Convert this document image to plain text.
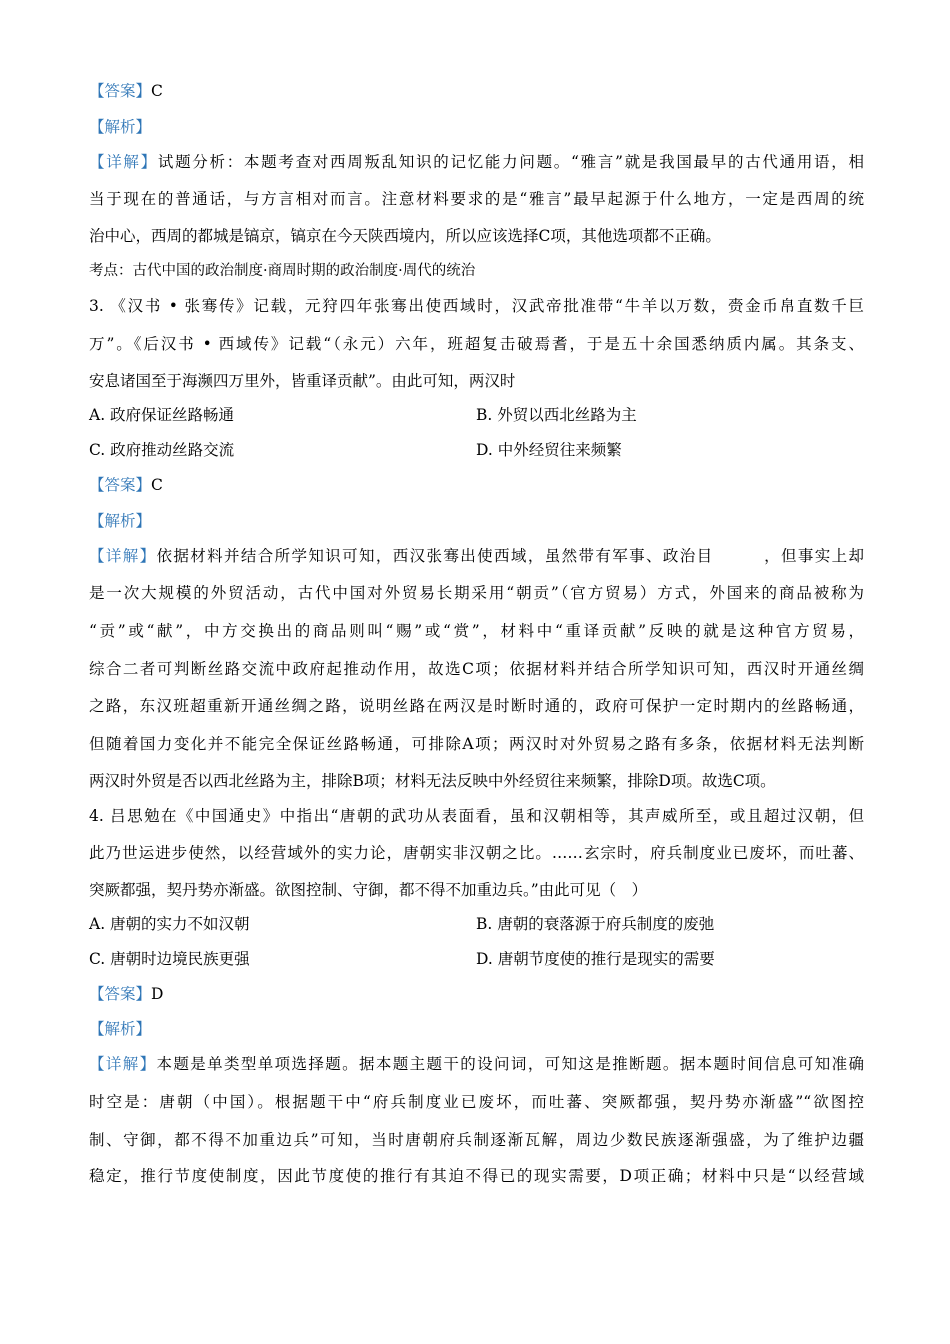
【答案】C
【解析】
【详解】试题分析：本题考查对西周叛乱知识的记忆能力问题。“雅言”就是我国最早的古代通用语，相
当于现在的普通话，与方言相对而言。注意材料要求的是“雅言”最早起源于什么地方，一定是西周的统
治中心，西周的都城是镐京，镐京在今天陕西境内，所以应该选择C项，其他选项都不正确。
考点：古代中国的政治制度·商周时期的政治制度·周代的统治
3. 《汉书 • 张骞传》记载，元狩四年张骞出使西域时，汉武帝批准带“牛羊以万数，赍金币帛直数千巨
万”。《后汉书 • 西域传》记载“（永元）六年，班超复击破焉耆，于是五十余国悉纳质内属。其条支、
安息诸国至于海濒四万里外，皆重译贡献”。由此可知，两汉时
A. 政府保证丝路畅通	B. 外贸以西北丝路为主
C. 政府推动丝路交流	D. 中外经贸往来频繁
【答案】C
【解析】
【详解】依据材料并结合所学知识可知，西汉张骞出使西域，虽然带有军事、政治目　　　，但事实上却
是一次大规模的外贸活动，古代中国对外贸易长期采用“朝贡”（官方贸易）方式，外国来的商品被称为
“贡”或“献”，中方交换出的商品则叫“赐”或“赏”，材料中“重译贡献”反映的就是这种官方贸易，
综合二者可判断丝路交流中政府起推动作用，故选C项；依据材料并结合所学知识可知，西汉时开通丝绸
之路，东汉班超重新开通丝绸之路，说明丝路在两汉是时断时通的，政府可保护一定时期内的丝路畅通，
但随着国力变化并不能完全保证丝路畅通，可排除A项；两汉时对外贸易之路有多条，依据材料无法判断
两汉时外贸是否以西北丝路为主，排除B项；材料无法反映中外经贸往来频繁，排除D项。故选C项。
4. 吕思勉在《中国通史》中指出“唐朝的武功从表面看，虽和汉朝相等，其声威所至，或且超过汉朝，但
此乃世运进步使然，以经营域外的实力论，唐朝实非汉朝之比。……玄宗时，府兵制度业已废坏，而吐蕃、
突厥都强，契丹势亦渐盛。欲图控制、守御，都不得不加重边兵。”由此可见（　）
A. 唐朝的实力不如汉朝	B. 唐朝的衰落源于府兵制度的废弛
C. 唐朝时边境民族更强	D. 唐朝节度使的推行是现实的需要
【答案】D
【解析】
【详解】本题是单类型单项选择题。据本题主题干的设问词，可知这是推断题。据本题时间信息可知准确
时空是：唐朝（中国）。根据题干中“府兵制度业已废坏，而吐蕃、突厥都强，契丹势亦渐盛”“欲图控
制、守御，都不得不加重边兵”可知，当时唐朝府兵制逐渐瓦解，周边少数民族逐渐强盛，为了维护边疆
稳定，推行节度使制度，因此节度使的推行有其迫不得已的现实需要，D项正确；材料中只是“以经营域
